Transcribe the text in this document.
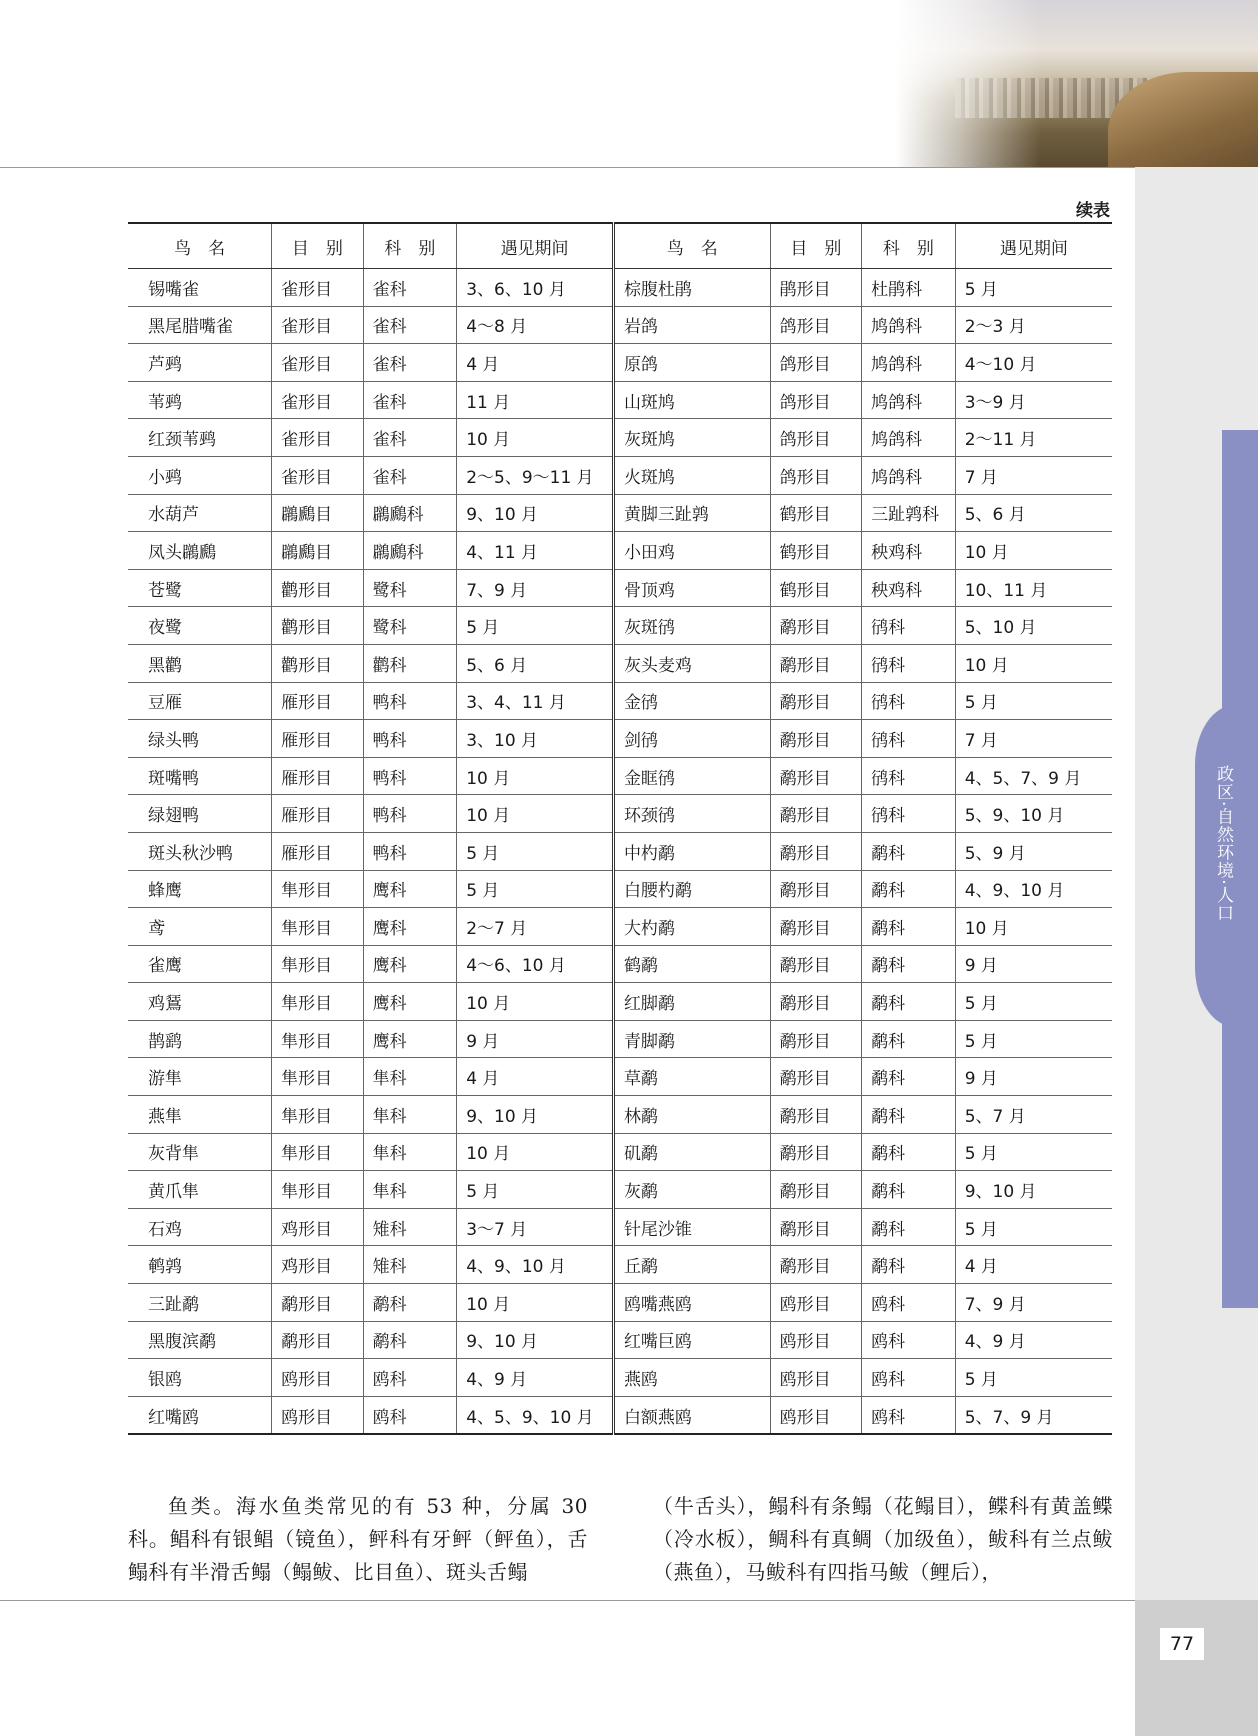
政区·自然环境·人口
续表
鸟　名	目　别	科　别	遇见期间	鸟　名	目　别	科　别	遇见期间
锡嘴雀	雀形目	雀科	3、6、10 月	棕腹杜鹃	鹃形目	杜鹃科	5 月
黑尾腊嘴雀	雀形目	雀科	4～8 月	岩鸽	鸽形目	鸠鸽科	2～3 月
芦鹀	雀形目	雀科	4 月	原鸽	鸽形目	鸠鸽科	4～10 月
苇鹀	雀形目	雀科	11 月	山斑鸠	鸽形目	鸠鸽科	3～9 月
红颈苇鹀	雀形目	雀科	10 月	灰斑鸠	鸽形目	鸠鸽科	2～11 月
小鹀	雀形目	雀科	2～5、9～11 月	火斑鸠	鸽形目	鸠鸽科	7 月
水葫芦	鸊鷉目	鸊鷉科	9、10 月	黄脚三趾鹑	鹤形目	三趾鹑科	5、6 月
凤头鸊鷉	鸊鷉目	鸊鷉科	4、11 月	小田鸡	鹤形目	秧鸡科	10 月
苍鹭	鹳形目	鹭科	7、9 月	骨顶鸡	鹤形目	秧鸡科	10、11 月
夜鹭	鹳形目	鹭科	5 月	灰斑鸻	鹬形目	鸻科	5、10 月
黑鹳	鹳形目	鹳科	5、6 月	灰头麦鸡	鹬形目	鸻科	10 月
豆雁	雁形目	鸭科	3、4、11 月	金鸻	鹬形目	鸻科	5 月
绿头鸭	雁形目	鸭科	3、10 月	剑鸻	鹬形目	鸻科	7 月
斑嘴鸭	雁形目	鸭科	10 月	金眶鸻	鹬形目	鸻科	4、5、7、9 月
绿翅鸭	雁形目	鸭科	10 月	环颈鸻	鹬形目	鸻科	5、9、10 月
斑头秋沙鸭	雁形目	鸭科	5 月	中杓鹬	鹬形目	鹬科	5、9 月
蜂鹰	隼形目	鹰科	5 月	白腰杓鹬	鹬形目	鹬科	4、9、10 月
鸢	隼形目	鹰科	2～7 月	大杓鹬	鹬形目	鹬科	10 月
雀鹰	隼形目	鹰科	4～6、10 月	鹤鹬	鹬形目	鹬科	9 月
鸡鵟	隼形目	鹰科	10 月	红脚鹬	鹬形目	鹬科	5 月
鹊鹞	隼形目	鹰科	9 月	青脚鹬	鹬形目	鹬科	5 月
游隼	隼形目	隼科	4 月	草鹬	鹬形目	鹬科	9 月
燕隼	隼形目	隼科	9、10 月	林鹬	鹬形目	鹬科	5、7 月
灰背隼	隼形目	隼科	10 月	矶鹬	鹬形目	鹬科	5 月
黄爪隼	隼形目	隼科	5 月	灰鹬	鹬形目	鹬科	9、10 月
石鸡	鸡形目	雉科	3～7 月	针尾沙锥	鹬形目	鹬科	5 月
鹌鹑	鸡形目	雉科	4、9、10 月	丘鹬	鹬形目	鹬科	4 月
三趾鹬	鹬形目	鹬科	10 月	鸥嘴燕鸥	鸥形目	鸥科	7、9 月
黑腹滨鹬	鹬形目	鹬科	9、10 月	红嘴巨鸥	鸥形目	鸥科	4、9 月
银鸥	鸥形目	鸥科	4、9 月	燕鸥	鸥形目	鸥科	5 月
红嘴鸥	鸥形目	鸥科	4、5、9、10 月	白额燕鸥	鸥形目	鸥科	5、7、9 月

鱼类。海水鱼类常见的有 53 种，分属 30 科。鲳科有银鲳（镜鱼），鲆科有牙鲆（鲆鱼），舌鳎科有半滑舌鳎（鳎鲅、比目鱼）、斑头舌鳎

（牛舌头），鳎科有条鳎（花鳎目），鲽科有黄盖鲽（冷水板），鲷科有真鲷（加级鱼），鲅科有兰点鲅（燕鱼），马鲅科有四指马鲅（鲤后），

77
